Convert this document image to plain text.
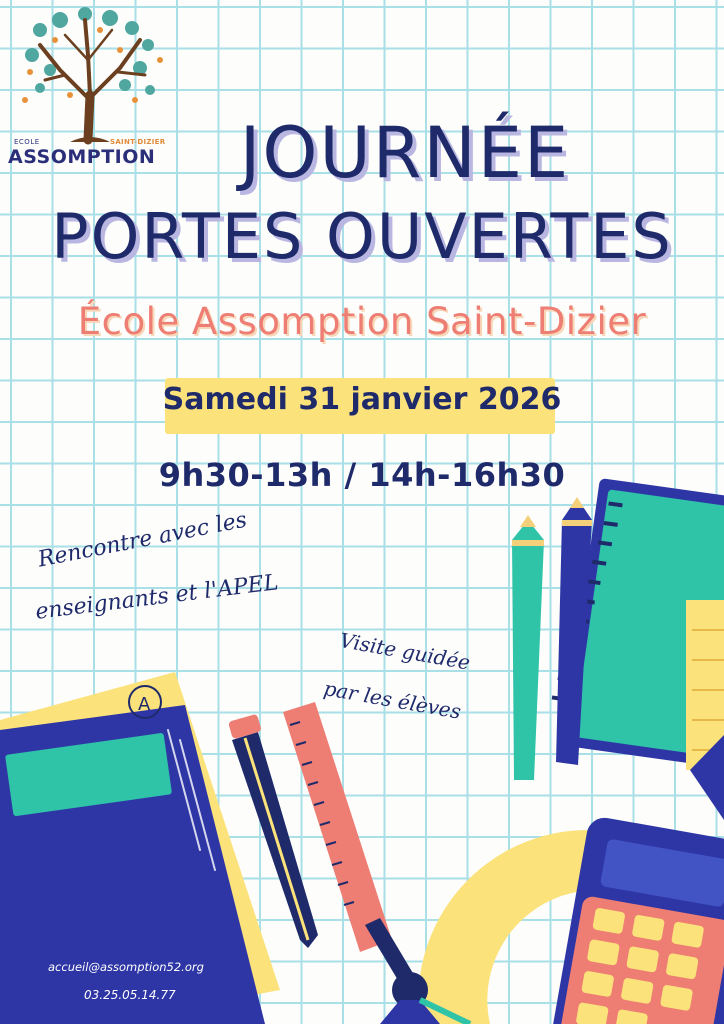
ECOLE	SAINT-DIZIER
ASSOMPTION	JOURNÉE
PORTES OUVERTES
École Assomption Saint-Dizier
Samedi 31 janvier 2026
9h30-13h / 14h-16h30
A
Rencontre avec les
enseignants et l'APEL
Visite guidée
par les élèves
accueil@assomption52.org
03.25.05.14.77
